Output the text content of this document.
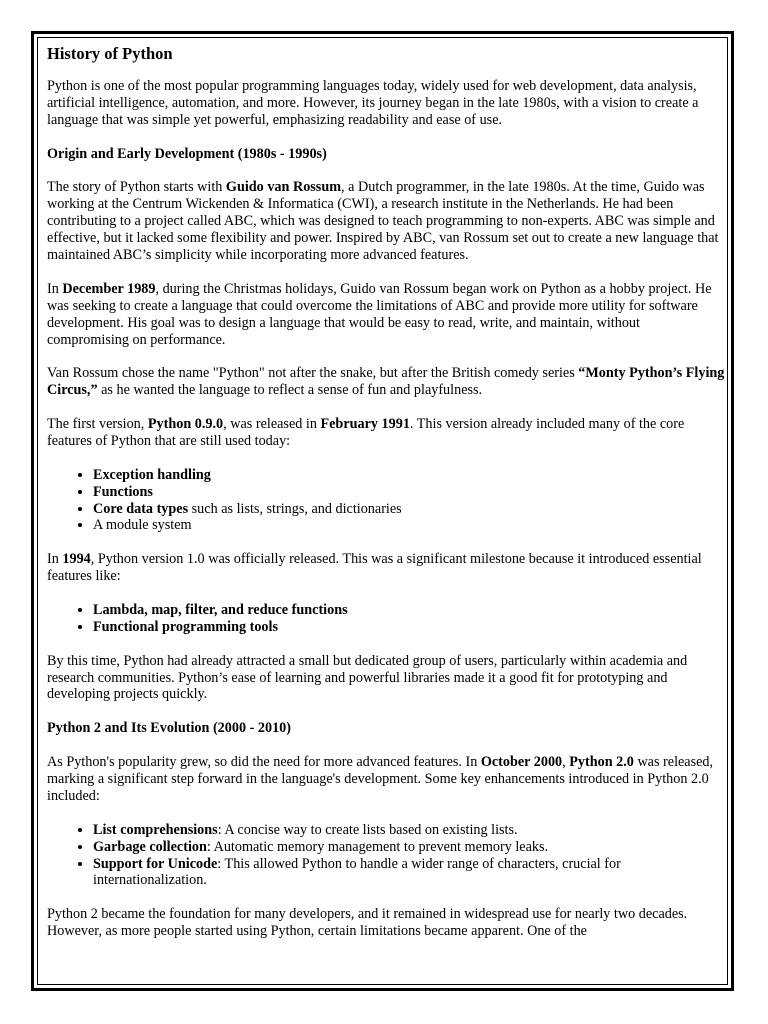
History of Python

Python is one of the most popular programming languages today, widely used for web development, data analysis, artificial intelligence, automation, and more. However, its journey began in the late 1980s, with a vision to create a language that was simple yet powerful, emphasizing readability and ease of use.

Origin and Early Development (1980s - 1990s)

The story of Python starts with Guido van Rossum, a Dutch programmer, in the late 1980s. At the time, Guido was working at the Centrum Wickenden & Informatica (CWI), a research institute in the Netherlands. He had been contributing to a project called ABC, which was designed to teach programming to non-experts. ABC was simple and effective, but it lacked some flexibility and power. Inspired by ABC, van Rossum set out to create a new language that maintained ABC’s simplicity while incorporating more advanced features.

In December 1989, during the Christmas holidays, Guido van Rossum began work on Python as a hobby project. He was seeking to create a language that could overcome the limitations of ABC and provide more utility for software development. His goal was to design a language that would be easy to read, write, and maintain, without compromising on performance.

Van Rossum chose the name "Python" not after the snake, but after the British comedy series “Monty Python’s Flying Circus,” as he wanted the language to reflect a sense of fun and playfulness.

The first version, Python 0.9.0, was released in February 1991. This version already included many of the core features of Python that are still used today:

• Exception handling
• Functions
• Core data types such as lists, strings, and dictionaries
• A module system

In 1994, Python version 1.0 was officially released. This was a significant milestone because it introduced essential features like:

• Lambda, map, filter, and reduce functions
• Functional programming tools

By this time, Python had already attracted a small but dedicated group of users, particularly within academia and research communities. Python’s ease of learning and powerful libraries made it a good fit for prototyping and developing projects quickly.

Python 2 and Its Evolution (2000 - 2010)

As Python's popularity grew, so did the need for more advanced features. In October 2000, Python 2.0 was released, marking a significant step forward in the language's development. Some key enhancements introduced in Python 2.0 included:

• List comprehensions: A concise way to create lists based on existing lists.
• Garbage collection: Automatic memory management to prevent memory leaks.
• Support for Unicode: This allowed Python to handle a wider range of characters, crucial for internationalization.

Python 2 became the foundation for many developers, and it remained in widespread use for nearly two decades. However, as more people started using Python, certain limitations became apparent. One of the
